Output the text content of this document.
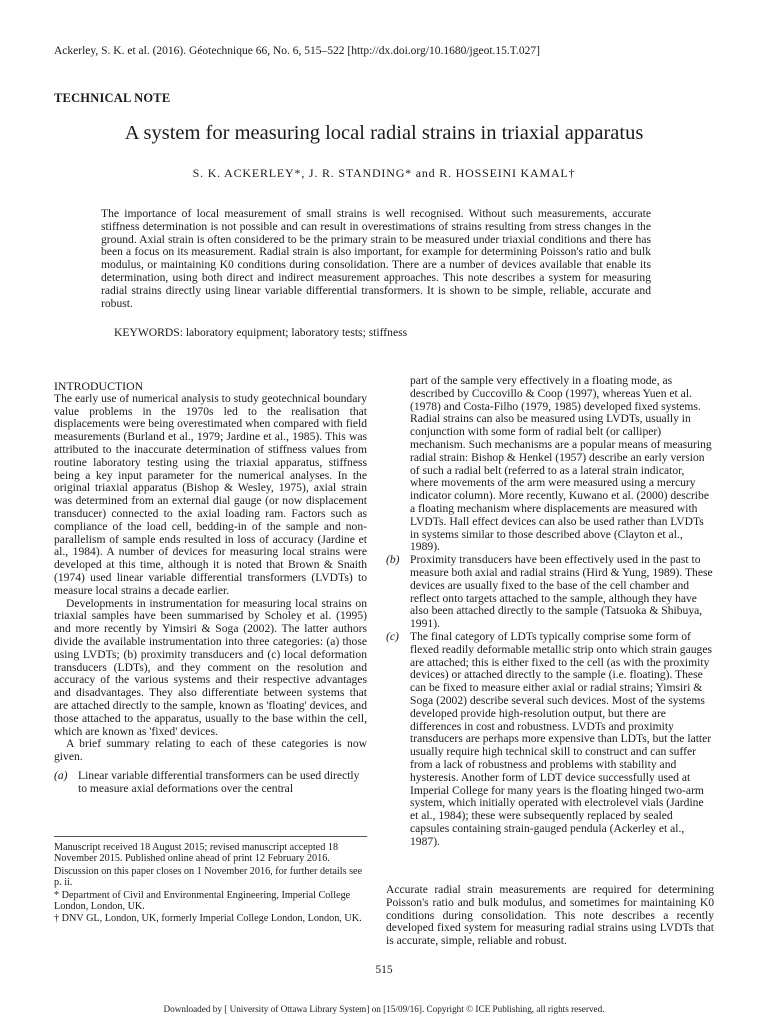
Ackerley, S. K. et al. (2016). Géotechnique 66, No. 6, 515–522 [http://dx.doi.org/10.1680/jgeot.15.T.027]
TECHNICAL NOTE
A system for measuring local radial strains in triaxial apparatus
S. K. ACKERLEY*, J. R. STANDING* and R. HOSSEINI KAMAL†
The importance of local measurement of small strains is well recognised. Without such measurements, accurate stiffness determination is not possible and can result in overestimations of strains resulting from stress changes in the ground. Axial strain is often considered to be the primary strain to be measured under triaxial conditions and there has been a focus on its measurement. Radial strain is also important, for example for determining Poisson's ratio and bulk modulus, or maintaining K0 conditions during consolidation. There are a number of devices available that enable its determination, using both direct and indirect measurement approaches. This note describes a system for measuring radial strains directly using linear variable differential transformers. It is shown to be simple, reliable, accurate and robust.
KEYWORDS: laboratory equipment; laboratory tests; stiffness

INTRODUCTION

The early use of numerical analysis to study geotechnical boundary value problems in the 1970s led to the realisation that displacements were being overestimated when compared with field measurements (Burland et al., 1979; Jardine et al., 1985). This was attributed to the inaccurate determination of stiffness values from routine laboratory testing using the triaxial apparatus, stiffness being a key input parameter for the numerical analyses. In the original triaxial apparatus (Bishop & Wesley, 1975), axial strain was determined from an external dial gauge (or now displacement transducer) connected to the axial loading ram. Factors such as compliance of the load cell, bedding-in of the sample and non-parallelism of sample ends resulted in loss of accuracy (Jardine et al., 1984). A number of devices for measuring local strains were developed at this time, although it is noted that Brown & Snaith (1974) used linear variable differential transformers (LVDTs) to measure local strains a decade earlier.

Developments in instrumentation for measuring local strains on triaxial samples have been summarised by Scholey et al. (1995) and more recently by Yimsiri & Soga (2002). The latter authors divide the available instrumentation into three categories: (a) those using LVDTs; (b) proximity transducers and (c) local deformation transducers (LDTs), and they comment on the resolution and accuracy of the various systems and their respective advantages and disadvantages. They also differentiate between systems that are attached directly to the sample, known as 'floating' devices, and those attached to the apparatus, usually to the base within the cell, which are known as 'fixed' devices.

A brief summary relating to each of these categories is now given.

(a) Linear variable differential transformers can be used directly to measure axial deformations over the central

Manuscript received 18 August 2015; revised manuscript accepted 18 November 2015. Published online ahead of print 12 February 2016.

Discussion on this paper closes on 1 November 2016, for further details see p. ii.

* Department of Civil and Environmental Engineering, Imperial College London, London, UK.

† DNV GL, London, UK, formerly Imperial College London, London, UK.

part of the sample very effectively in a floating mode, as described by Cuccovillo & Coop (1997), whereas Yuen et al. (1978) and Costa-Filho (1979, 1985) developed fixed systems. Radial strains can also be measured using LVDTs, usually in conjunction with some form of radial belt (or calliper) mechanism. Such mechanisms are a popular means of measuring radial strain: Bishop & Henkel (1957) describe an early version of such a radial belt (referred to as a lateral strain indicator, where movements of the arm were measured using a mercury indicator column). More recently, Kuwano et al. (2000) describe a floating mechanism where displacements are measured with LVDTs. Hall effect devices can also be used rather than LVDTs in systems similar to those described above (Clayton et al., 1989).
(b) Proximity transducers have been effectively used in the past to measure both axial and radial strains (Hird & Yung, 1989). These devices are usually fixed to the base of the cell chamber and reflect onto targets attached to the sample, although they have also been attached directly to the sample (Tatsuoka & Shibuya, 1991).
(c) The final category of LDTs typically comprise some form of flexed readily deformable metallic strip onto which strain gauges are attached; this is either fixed to the cell (as with the proximity devices) or attached directly to the sample (i.e. floating). These can be fixed to measure either axial or radial strains; Yimsiri & Soga (2002) describe several such devices. Most of the systems developed provide high-resolution output, but there are differences in cost and robustness. LVDTs and proximity transducers are perhaps more expensive than LDTs, but the latter usually require high technical skill to construct and can suffer from a lack of robustness and problems with stability and hysteresis. Another form of LDT device successfully used at Imperial College for many years is the floating hinged two-arm system, which initially operated with electrolevel vials (Jardine et al., 1984); these were subsequently replaced by sealed capsules containing strain-gauged pendula (Ackerley et al., 1987).
Accurate radial strain measurements are required for determining Poisson's ratio and bulk modulus, and sometimes for maintaining K0 conditions during consolidation. This note describes a recently developed fixed system for measuring radial strains using LVDTs that is accurate, simple, reliable and robust.
515
Downloaded by [ University of Ottawa Library System] on [15/09/16]. Copyright © ICE Publishing, all rights reserved.
